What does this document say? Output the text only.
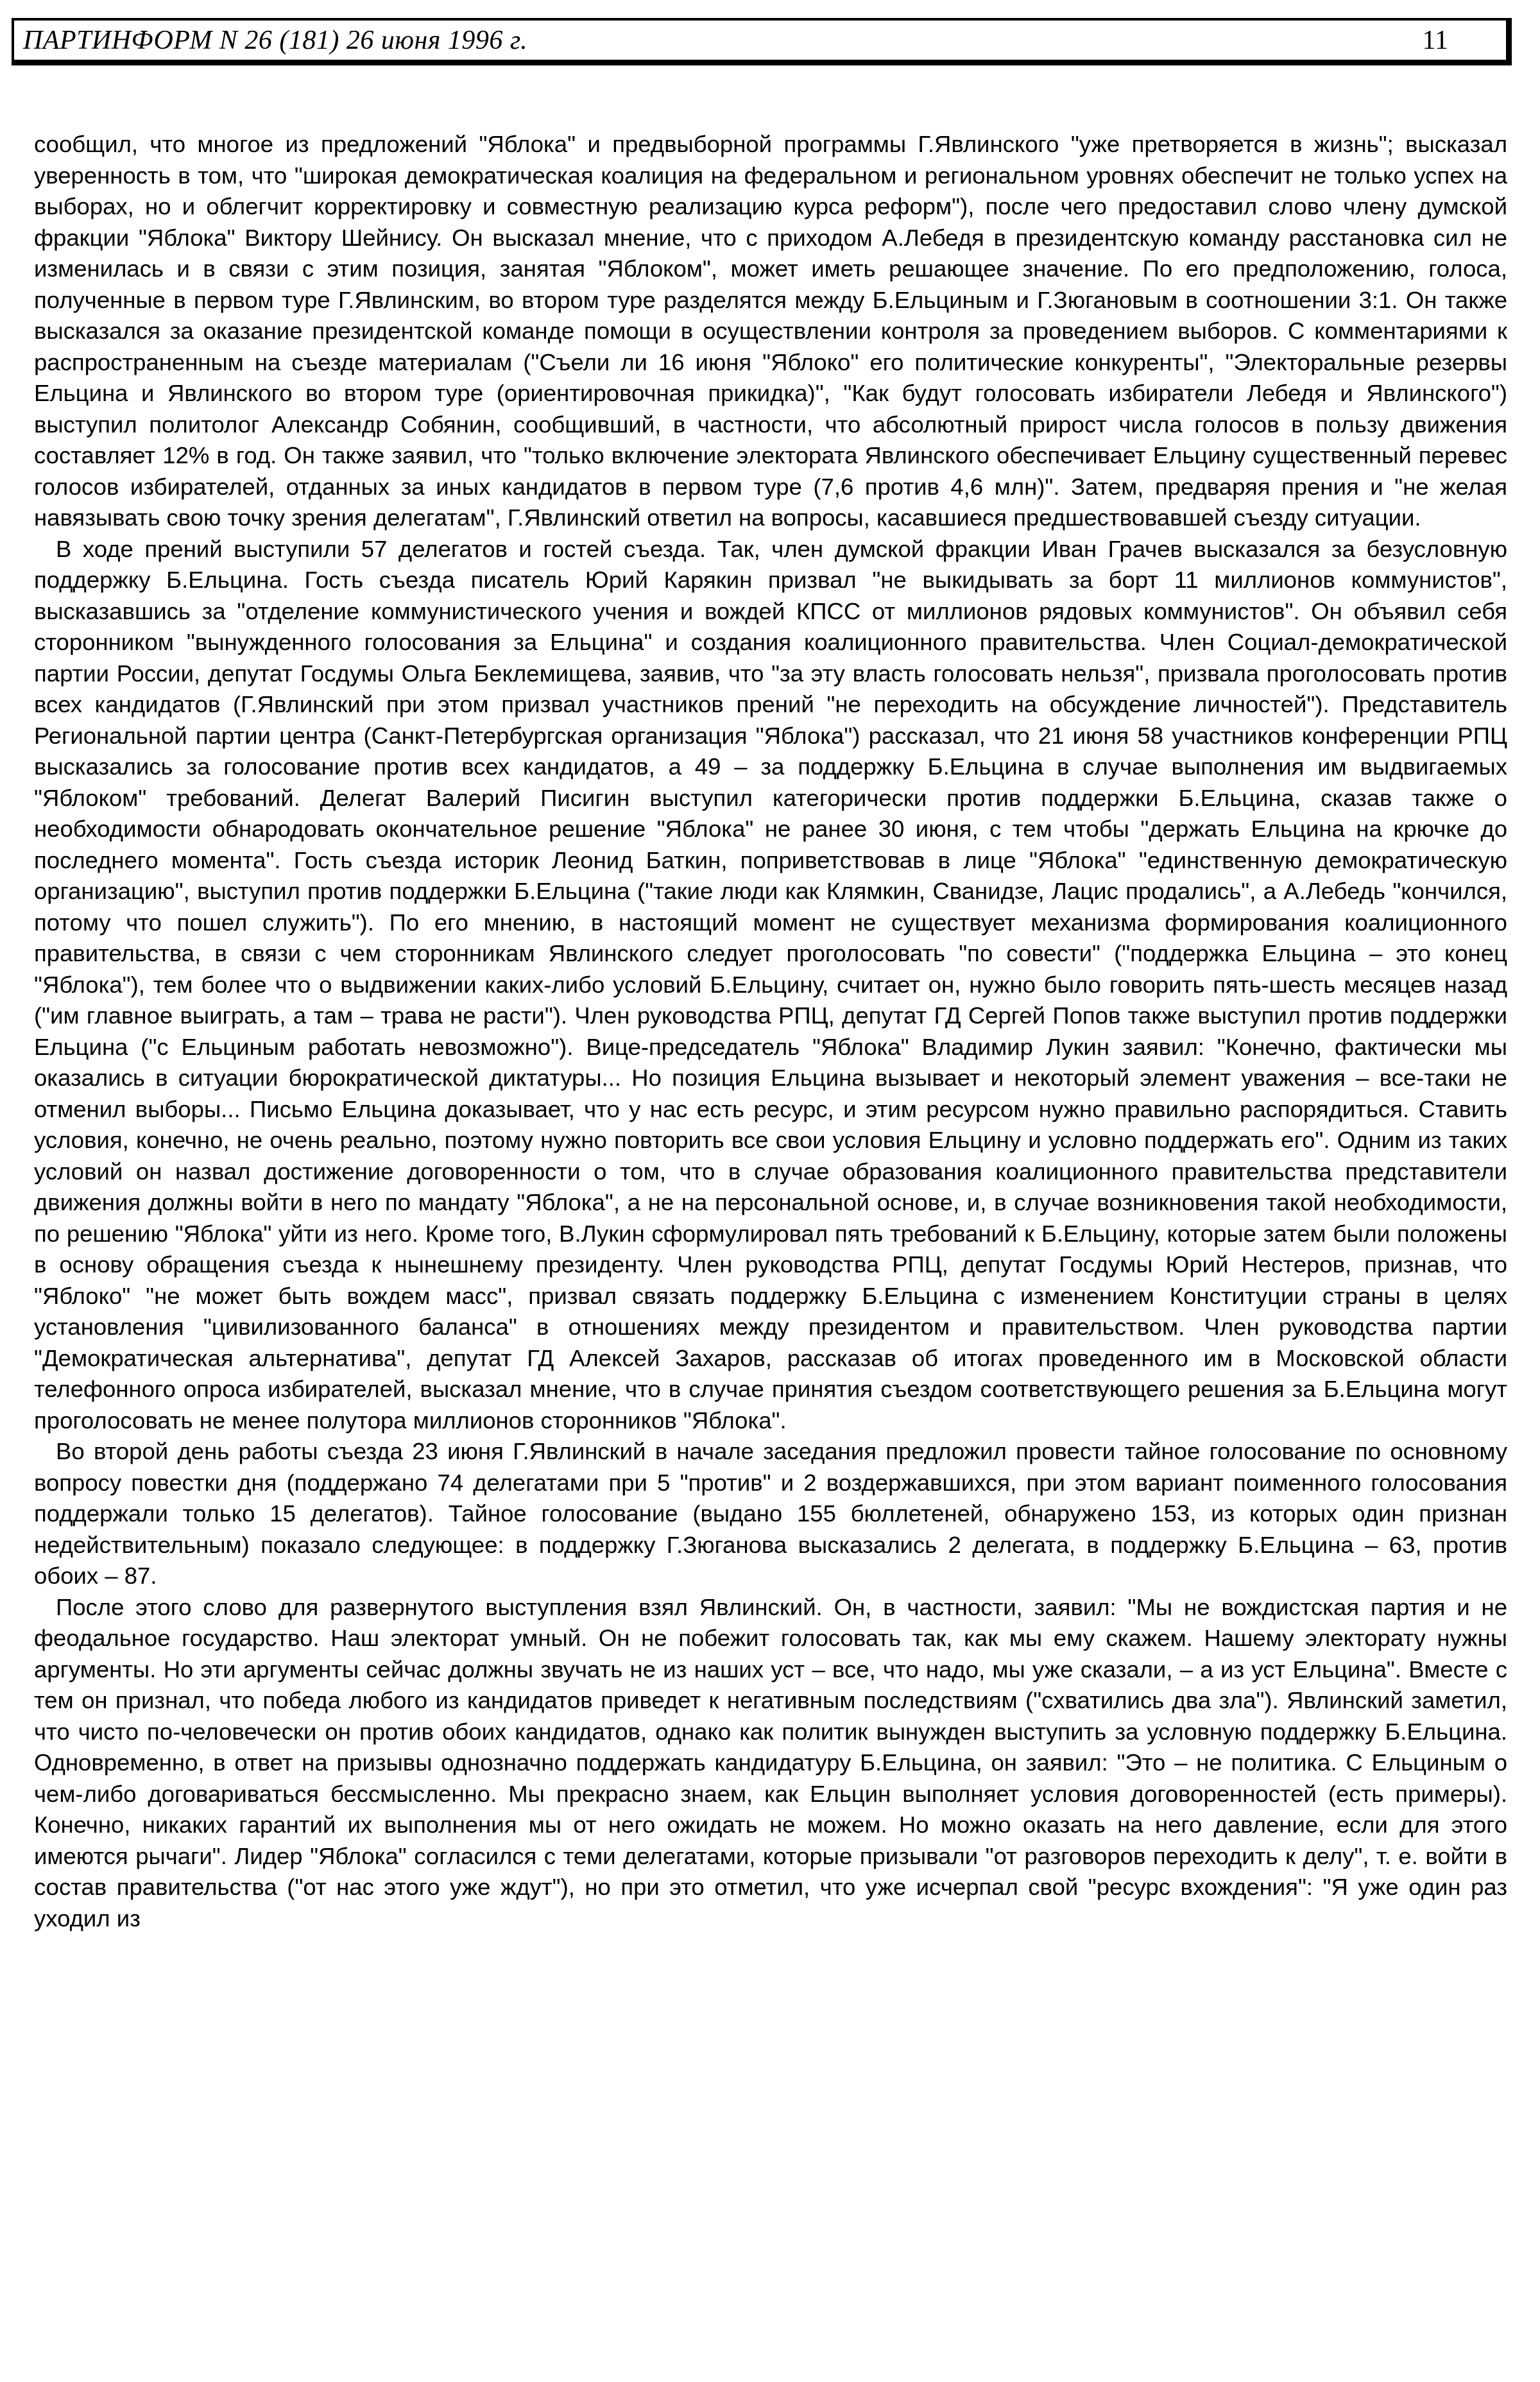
ПАРТИНФОРМ N 26 (181) 26 июня 1996 г.	11

сообщил, что многое из предложений "Яблока" и предвыборной программы Г.Явлинского "уже претворяется в жизнь"; высказал уверенность в том, что "широкая демократическая коалиция на федеральном и региональном уровнях обеспечит не только успех на выборах, но и облегчит корректировку и совместную реализацию курса реформ"), после чего предоставил слово члену думской фракции "Яблока" Виктору Шейнису. Он высказал мнение, что с приходом А.Лебедя в президентскую команду расстановка сил не изменилась и в связи с этим позиция, занятая "Яблоком", может иметь решающее значение. По его предположению, голоса, полученные в первом туре Г.Явлинским, во втором туре разделятся между Б.Ельциным и Г.Зюгановым в соотношении 3:1. Он также высказался за оказание президентской команде помощи в осуществлении контроля за проведением выборов. С комментариями к распространенным на съезде материалам ("Съели ли 16 июня "Яблоко" его политические конкуренты", "Электоральные резервы Ельцина и Явлинского во втором туре (ориентировочная прикидка)", "Как будут голосовать избиратели Лебедя и Явлинского") выступил политолог Александр Собянин, сообщивший, в частности, что абсолютный прирост числа голосов в пользу движения составляет 12% в год. Он также заявил, что "только включение электората Явлинского обеспечивает Ельцину существенный перевес голосов избирателей, отданных за иных кандидатов в первом туре (7,6 против 4,6 млн)". Затем, предваряя прения и "не желая навязывать свою точку зрения делегатам", Г.Явлинский ответил на вопросы, касавшиеся предшествовавшей съезду ситуации.

В ходе прений выступили 57 делегатов и гостей съезда. Так, член думской фракции Иван Грачев высказался за безусловную поддержку Б.Ельцина. Гость съезда писатель Юрий Карякин призвал "не выкидывать за борт 11 миллионов коммунистов", высказавшись за "отделение коммунистического учения и вождей КПСС от миллионов рядовых коммунистов". Он объявил себя сторонником "вынужденного голосования за Ельцина" и создания коалиционного правительства. Член Социал-демократической партии России, депутат Госдумы Ольга Беклемищева, заявив, что "за эту власть голосовать нельзя", призвала проголосовать против всех кандидатов (Г.Явлинский при этом призвал участников прений "не переходить на обсуждение личностей"). Представитель Региональной партии центра (Санкт-Петербургская организация "Яблока") рассказал, что 21 июня 58 участников конференции РПЦ высказались за голосование против всех кандидатов, а 49 – за поддержку Б.Ельцина в случае выполнения им выдвигаемых "Яблоком" требований. Делегат Валерий Писигин выступил категорически против поддержки Б.Ельцина, сказав также о необходимости обнародовать окончательное решение "Яблока" не ранее 30 июня, с тем чтобы "держать Ельцина на крючке до последнего момента". Гость съезда историк Леонид Баткин, поприветствовав в лице "Яблока" "единственную демократическую организацию", выступил против поддержки Б.Ельцина ("такие люди как Клямкин, Сванидзе, Лацис продались", а А.Лебедь "кончился, потому что пошел служить"). По его мнению, в настоящий момент не существует механизма формирования коалиционного правительства, в связи с чем сторонникам Явлинского следует проголосовать "по совести" ("поддержка Ельцина – это конец "Яблока"), тем более что о выдвижении каких-либо условий Б.Ельцину, считает он, нужно было говорить пять-шесть месяцев назад ("им главное выиграть, а там – трава не расти"). Член руководства РПЦ, депутат ГД Сергей Попов также выступил против поддержки Ельцина ("с Ельциным работать невозможно"). Вице-председатель "Яблока" Владимир Лукин заявил: "Конечно, фактически мы оказались в ситуации бюрократической диктатуры... Но позиция Ельцина вызывает и некоторый элемент уважения – все-таки не отменил выборы... Письмо Ельцина доказывает, что у нас есть ресурс, и этим ресурсом нужно правильно распорядиться. Ставить условия, конечно, не очень реально, поэтому нужно повторить все свои условия Ельцину и условно поддержать его". Одним из таких условий он назвал достижение договоренности о том, что в случае образования коалиционного правительства представители движения должны войти в него по мандату "Яблока", а не на персональной основе, и, в случае возникновения такой необходимости, по решению "Яблока" уйти из него. Кроме того, В.Лукин сформулировал пять требований к Б.Ельцину, которые затем были положены в основу обращения съезда к нынешнему президенту. Член руководства РПЦ, депутат Госдумы Юрий Нестеров, признав, что "Яблоко" "не может быть вождем масс", призвал связать поддержку Б.Ельцина с изменением Конституции страны в целях установления "цивилизованного баланса" в отношениях между президентом и правительством. Член руководства партии "Демократическая альтернатива", депутат ГД Алексей Захаров, рассказав об итогах проведенного им в Московской области телефонного опроса избирателей, высказал мнение, что в случае принятия съездом соответствующего решения за Б.Ельцина могут проголосовать не менее полутора миллионов сторонников "Яблока".

Во второй день работы съезда 23 июня Г.Явлинский в начале заседания предложил провести тайное голосование по основному вопросу повестки дня (поддержано 74 делегатами при 5 "против" и 2 воздержавшихся, при этом вариант поименного голосования поддержали только 15 делегатов). Тайное голосование (выдано 155 бюллетеней, обнаружено 153, из которых один признан недействительным) показало следующее: в поддержку Г.Зюганова высказались 2 делегата, в поддержку Б.Ельцина – 63, против обоих – 87.

После этого слово для развернутого выступления взял Явлинский. Он, в частности, заявил: "Мы не вождистская партия и не феодальное государство. Наш электорат умный. Он не побежит голосовать так, как мы ему скажем. Нашему электорату нужны аргументы. Но эти аргументы сейчас должны звучать не из наших уст – все, что надо, мы уже сказали, – а из уст Ельцина". Вместе с тем он признал, что победа любого из кандидатов приведет к негативным последствиям ("схватились два зла"). Явлинский заметил, что чисто по-человечески он против обоих кандидатов, однако как политик вынужден выступить за условную поддержку Б.Ельцина. Одновременно, в ответ на призывы однозначно поддержать кандидатуру Б.Ельцина, он заявил: "Это – не политика. С Ельциным о чем-либо договариваться бессмысленно. Мы прекрасно знаем, как Ельцин выполняет условия договоренностей (есть примеры). Конечно, никаких гарантий их выполнения мы от него ожидать не можем. Но можно оказать на него давление, если для этого имеются рычаги". Лидер "Яблока" согласился с теми делегатами, которые призывали "от разговоров переходить к делу", т. е. войти в состав правительства ("от нас этого уже ждут"), но при это отметил, что уже исчерпал свой "ресурс вхождения": "Я уже один раз уходил из
